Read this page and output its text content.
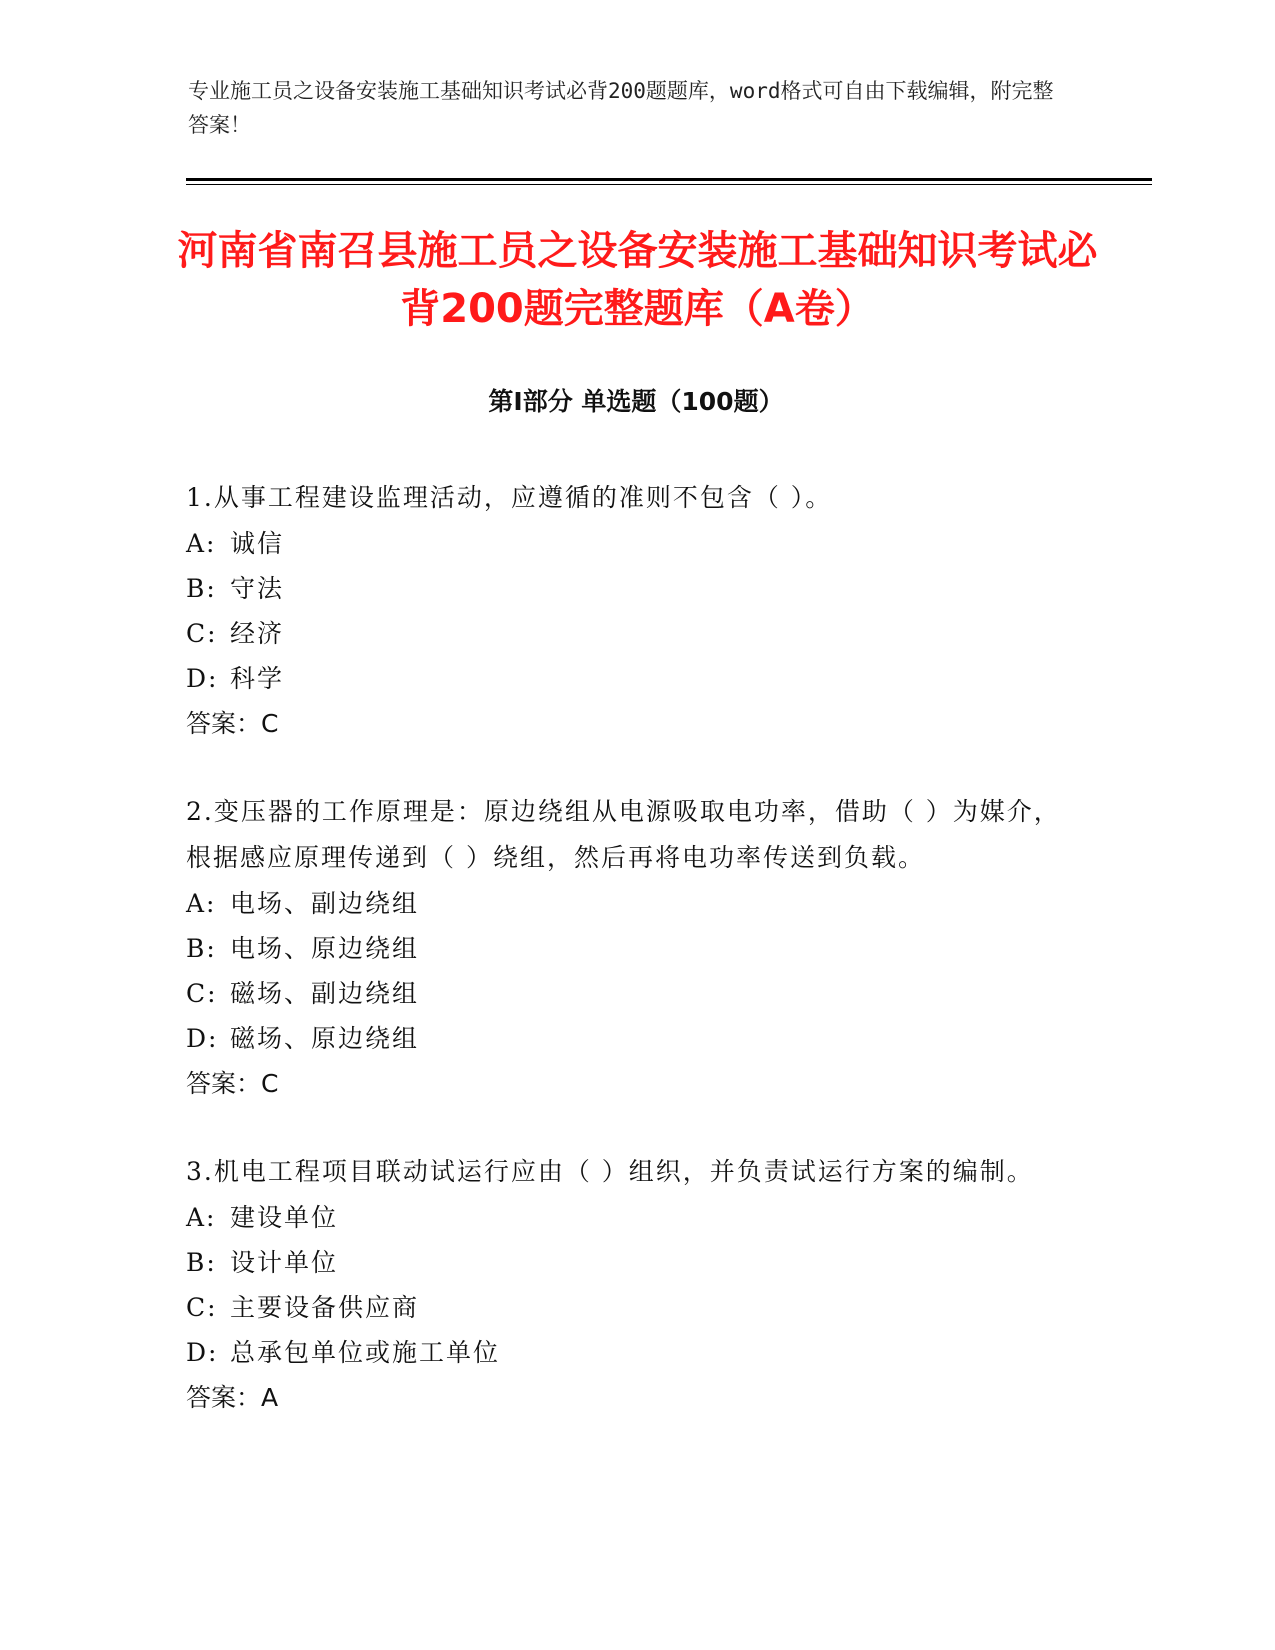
专业施工员之设备安装施工基础知识考试必背200题题库，word格式可自由下载编辑，附完整答案！
河南省南召县施工员之设备安装施工基础知识考试必背200题完整题库（A卷）
第Ⅰ部分 单选题（100题）
1.从事工程建设监理活动，应遵循的准则不包含（ ）。
A: 诚信
B: 守法
C: 经济
D: 科学
答案：C
2.变压器的工作原理是：原边绕组从电源吸取电功率，借助（ ）为媒介，根据感应原理传递到（ ）绕组，然后再将电功率传送到负载。
A: 电场、副边绕组
B: 电场、原边绕组
C: 磁场、副边绕组
D: 磁场、原边绕组
答案：C
3.机电工程项目联动试运行应由（ ）组织，并负责试运行方案的编制。
A: 建设单位
B: 设计单位
C: 主要设备供应商
D: 总承包单位或施工单位
答案：A
